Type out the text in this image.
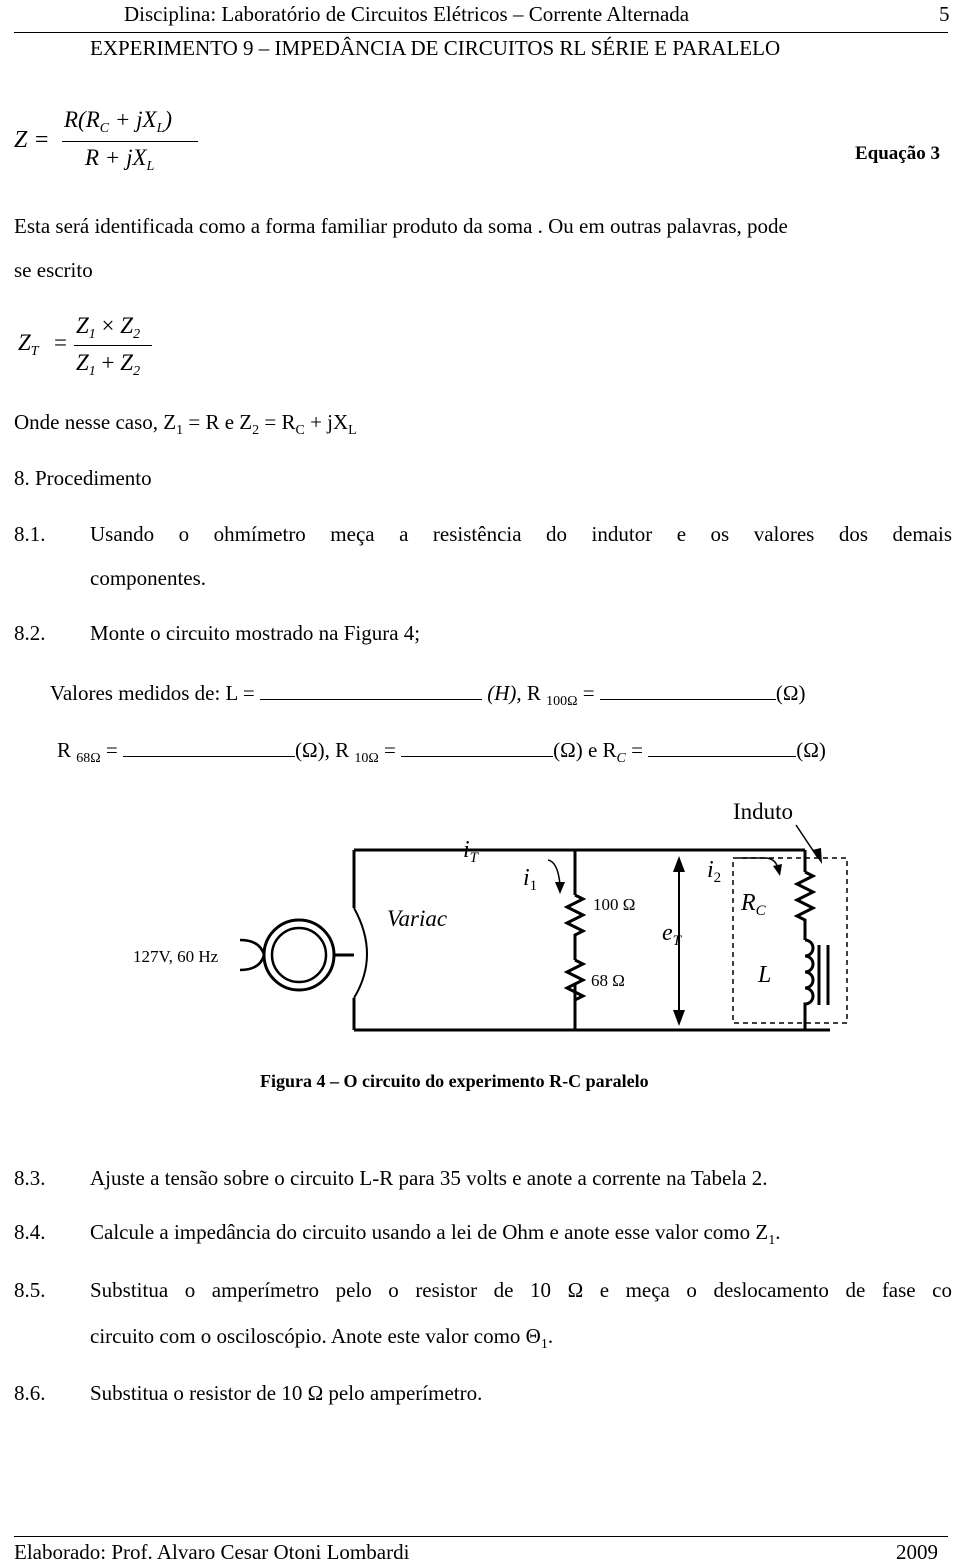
Disciplina: Laboratório de Circuitos Elétricos – Corrente Alternada	5
EXPERIMENTO 9 – IMPEDÂNCIA DE CIRCUITOS RL SÉRIE E PARALELO
Z =
$R(R_C + jX_L)$
$R + jX_L$
Equação 3
Esta será identificada como a forma familiar produto da soma . Ou em outras palavras, pode
se escrito
$Z_T$ =
$Z_1 \times Z_2$
$Z_1 + Z_2$
Onde nesse caso, $Z_1 = R$ e $Z_2 = R_C + jX_L$
8. Procedimento
8.1. Usando o ohmímetro meça a resistência do indutor e os valores dos demais
componentes.
8.2. Monte o circuito mostrado na Figura 4;
Valores medidos de: L =	(H), R $_{100\Omega}$ =	(Ω)
R $_{68\Omega}$ =	(Ω), R $_{10\Omega}$ =	(Ω) e $R_C$ =	(Ω)
Induto
127V, 60 Hz
Variac
$i_T$
$i_1$
$i_2$
100 Ω
68 Ω
$e_T$
$R_C$
L
Figura 4 – O circuito do experimento R-C paralelo
8.3. Ajuste a tensão sobre o circuito L-R para 35 volts e anote a corrente na Tabela 2.
8.4. Calcule a impedância do circuito usando a lei de Ohm e anote esse valor como $Z_1$.
8.5. Substitua o amperímetro pelo o resistor de 10 Ω e meça o deslocamento de fase co
circuito com o osciloscópio. Anote este valor como $\Theta_1$.
8.6. Substitua o resistor de 10 Ω pelo amperímetro.
Elaborado: Prof. Alvaro Cesar Otoni Lombardi	2009
